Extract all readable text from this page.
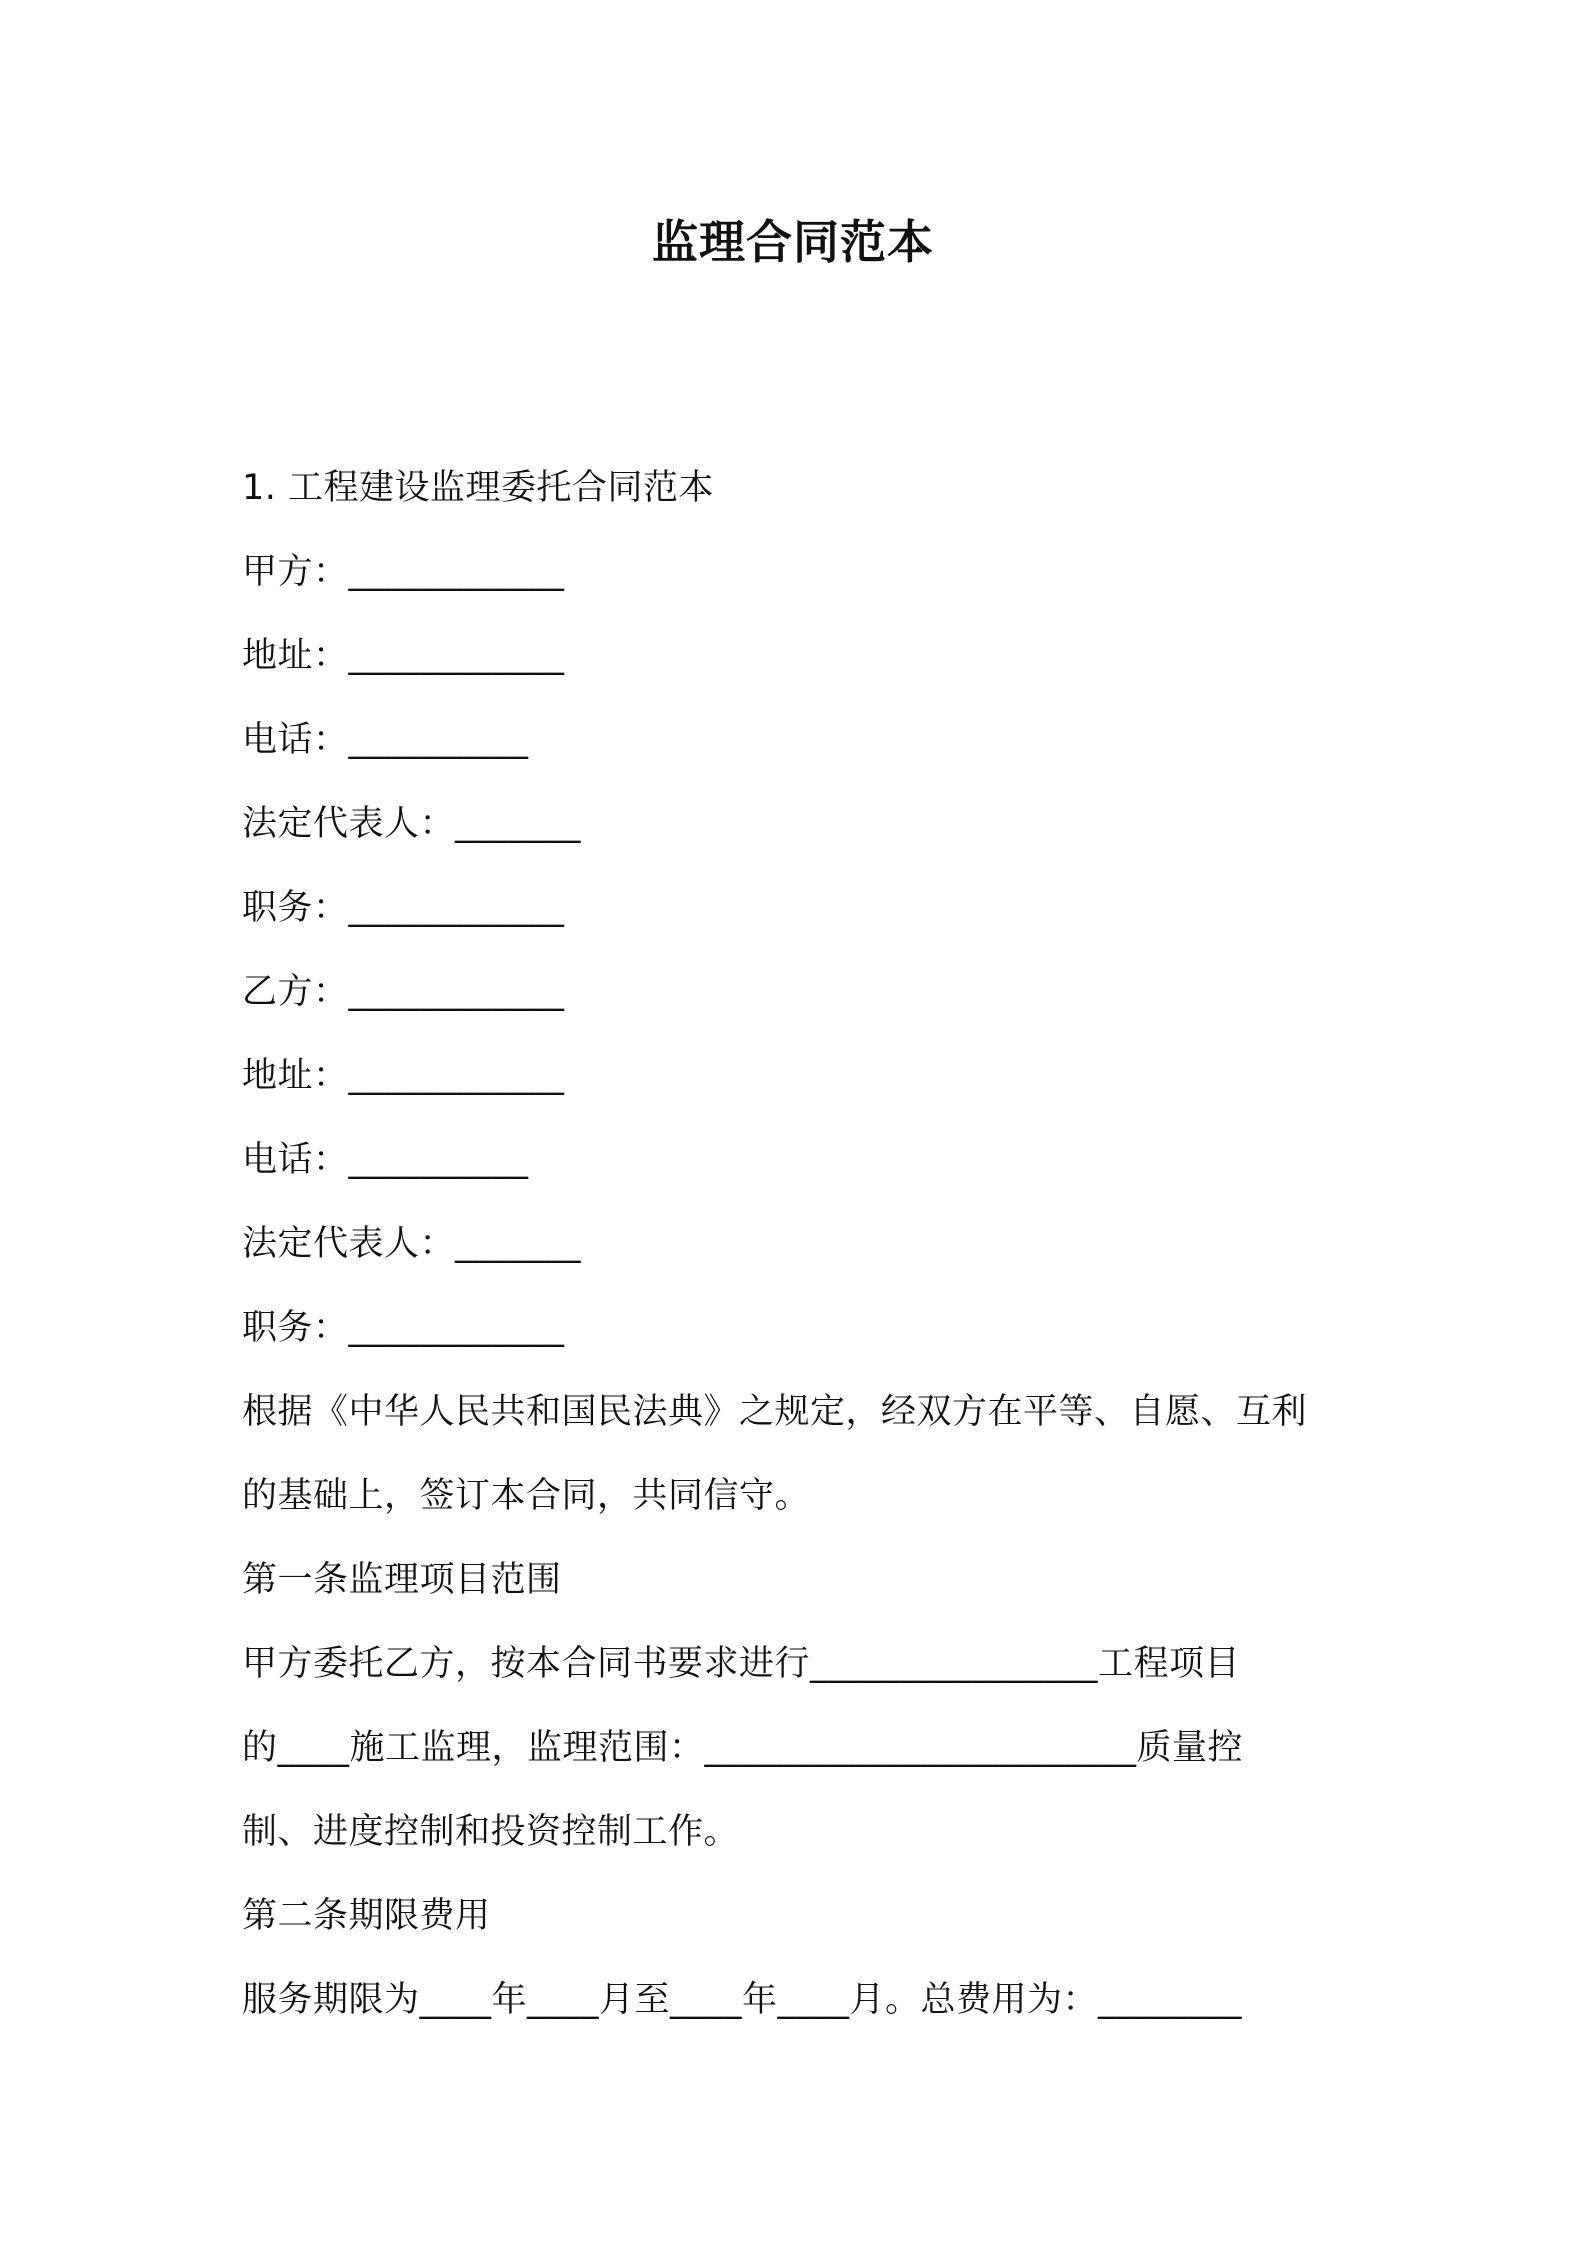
监理合同范本
1. 工程建设监理委托合同范本
甲方：____________
地址：____________
电话：__________
法定代表人：_______
职务：____________
乙方：____________
地址：____________
电话：__________
法定代表人：_______
职务：____________
根据《中华人民共和国民法典》之规定，经双方在平等、自愿、互利
的基础上，签订本合同，共同信守。
第一条监理项目范围
甲方委托乙方，按本合同书要求进行________________工程项目
的____施工监理，监理范围：________________________质量控
制、进度控制和投资控制工作。
第二条期限费用
服务期限为____年____月至____年____月。总费用为：________
